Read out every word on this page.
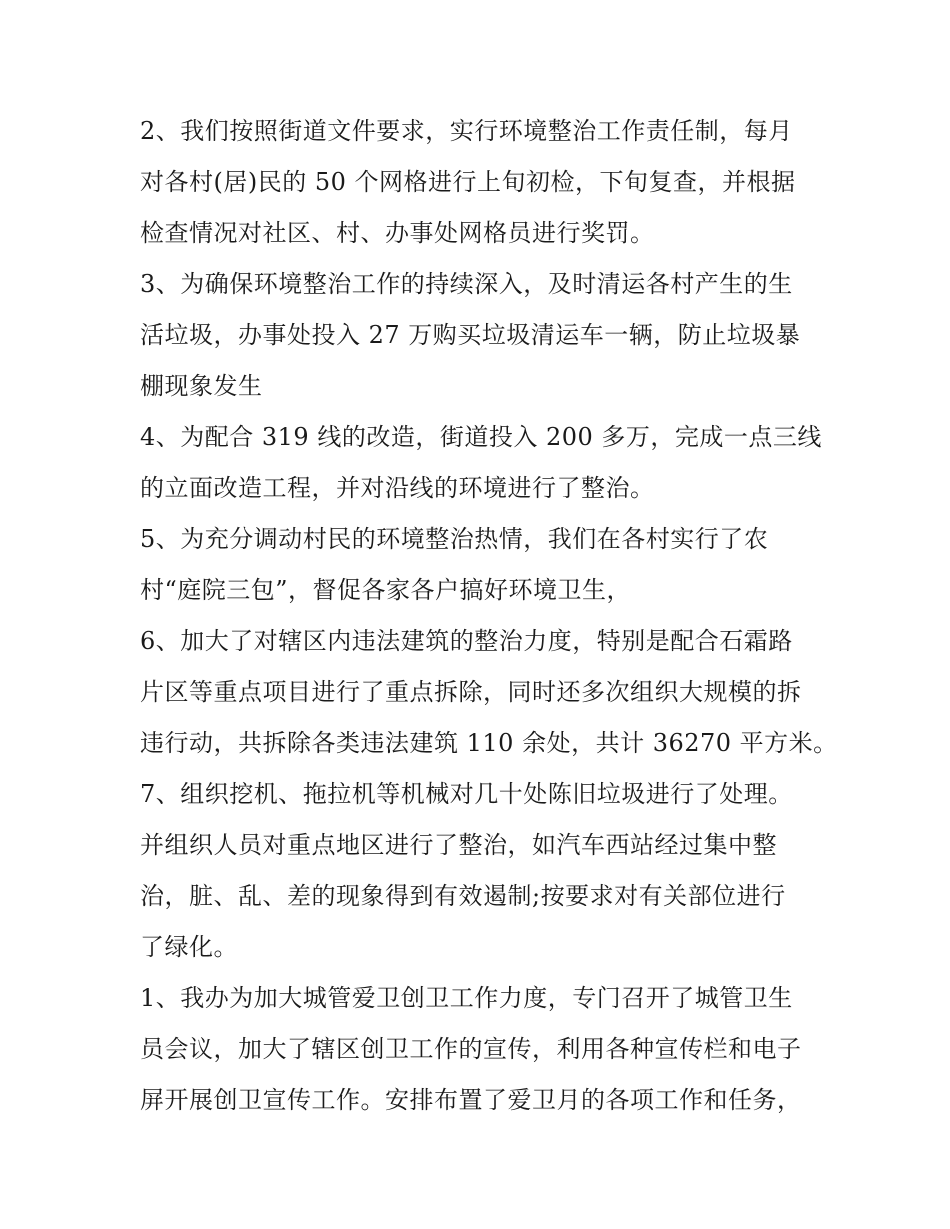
2、我们按照街道文件要求，实行环境整治工作责任制，每月
对各村(居)民的 50 个网格进行上旬初检，下旬复查，并根据
检查情况对社区、村、办事处网格员进行奖罚。
3、为确保环境整治工作的持续深入，及时清运各村产生的生
活垃圾，办事处投入 27 万购买垃圾清运车一辆，防止垃圾暴
棚现象发生
4、为配合 319 线的改造，街道投入 200 多万，完成一点三线
的立面改造工程，并对沿线的环境进行了整治。
5、为充分调动村民的环境整治热情，我们在各村实行了农
村“庭院三包”，督促各家各户搞好环境卫生，
6、加大了对辖区内违法建筑的整治力度，特别是配合石霜路
片区等重点项目进行了重点拆除，同时还多次组织大规模的拆
违行动，共拆除各类违法建筑 110 余处，共计 36270 平方米。
7、组织挖机、拖拉机等机械对几十处陈旧垃圾进行了处理。
并组织人员对重点地区进行了整治，如汽车西站经过集中整
治，脏、乱、差的现象得到有效遏制;按要求对有关部位进行
了绿化。
1、我办为加大城管爱卫创卫工作力度，专门召开了城管卫生
员会议，加大了辖区创卫工作的宣传，利用各种宣传栏和电子
屏开展创卫宣传工作。安排布置了爱卫月的各项工作和任务，
